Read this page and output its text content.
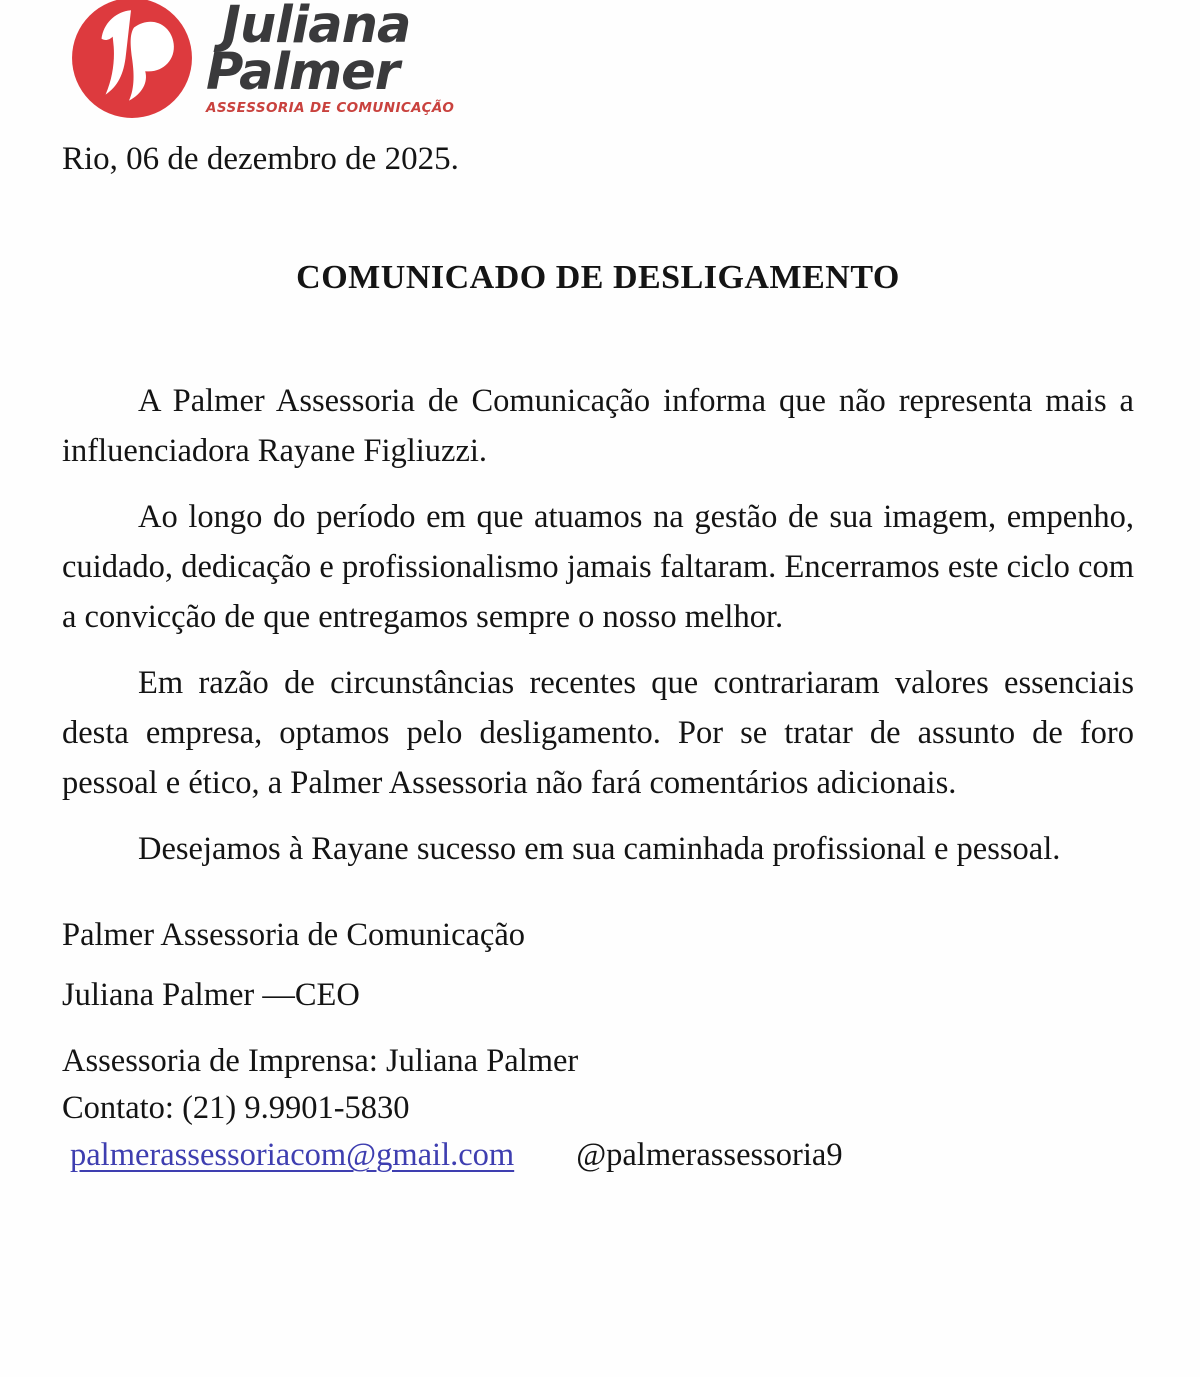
Juliana
Palmer
ASSESSORIA DE COMUNICAÇÃO

Rio, 06 de dezembro de 2025.

COMUNICADO DE DESLIGAMENTO

A Palmer Assessoria de Comunicação informa que não representa mais a influenciadora Rayane Figliuzzi.

Ao longo do período em que atuamos na gestão de sua imagem, empenho, cuidado, dedicação e profissionalismo jamais faltaram. Encerramos este ciclo com a convicção de que entregamos sempre o nosso melhor.

Em razão de circunstâncias recentes que contrariaram valores essenciais desta empresa, optamos pelo desligamento. Por se tratar de assunto de foro pessoal e ético, a Palmer Assessoria não fará comentários adicionais.

Desejamos à Rayane sucesso em sua caminhada profissional e pessoal.

Palmer Assessoria de Comunicação

Juliana Palmer —CEO

Assessoria de Imprensa: Juliana Palmer

Contato: (21) 9.9901-5830

palmerassessoriacom@gmail.com @palmerassessoria9
